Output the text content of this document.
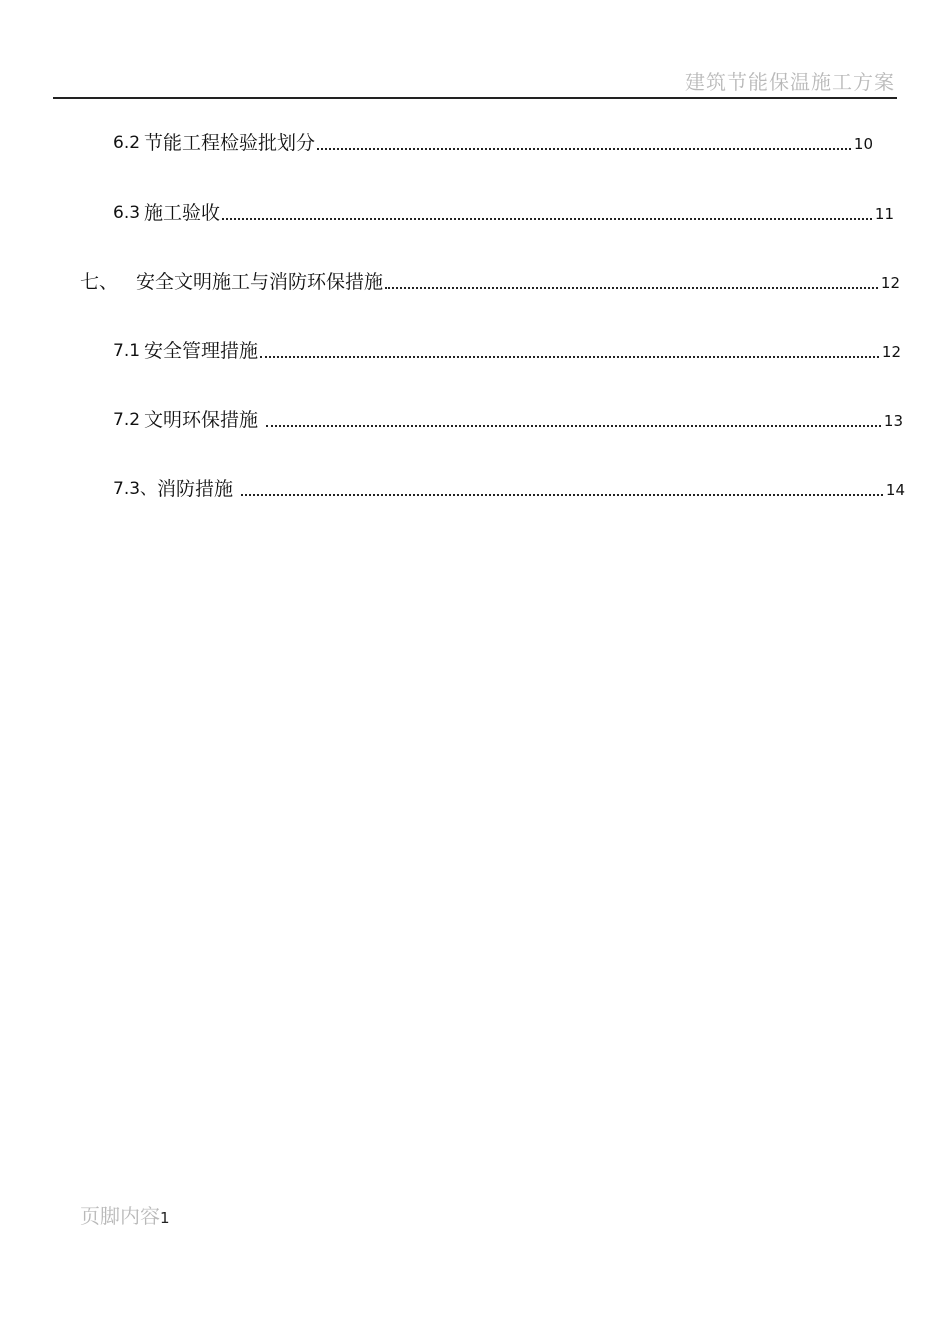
建筑节能保温施工方案
6.2 节能工程检验批划分	10
6.3 施工验收	11
七、 安全文明施工与消防环保措施	12
7.1 安全管理措施	12
7.2 文明环保措施	13
7.3、 消防措施	14
页脚内容1
